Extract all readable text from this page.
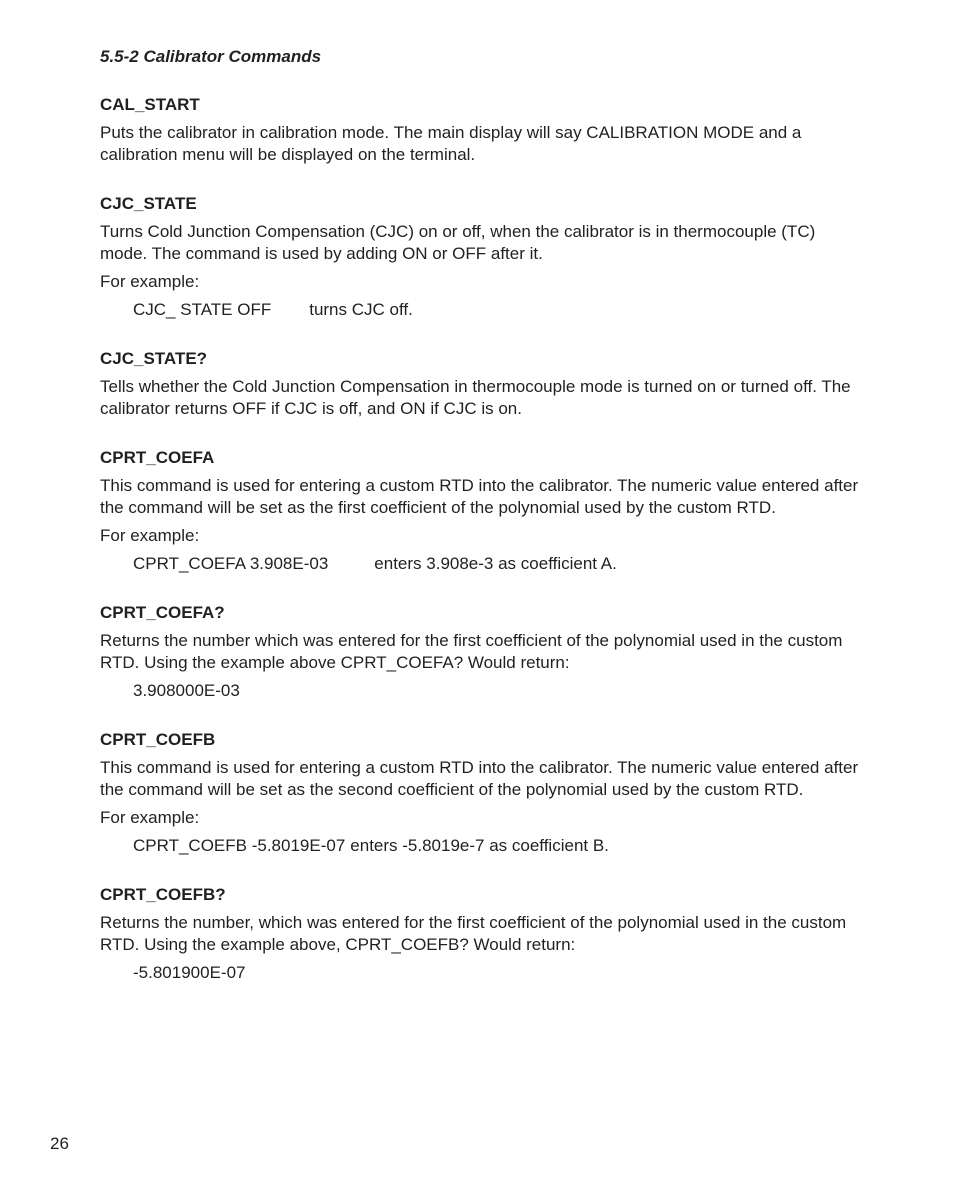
5.5-2 Calibrator Commands
CAL_START

Puts the calibrator in calibration mode. The main display will say CALIBRATION MODE and a calibration menu will be displayed on the terminal.

CJC_STATE

Turns Cold Junction Compensation (CJC) on or off, when the calibrator is in thermocouple (TC) mode. The command is used by adding ON or OFF after it.

For example:
CJC_ STATE OFF turns CJC off.
CJC_STATE?

Tells whether the Cold Junction Compensation in thermocouple mode is turned on or turned off. The calibrator returns OFF if CJC is off, and ON if CJC is on.

CPRT_COEFA

This command is used for entering a custom RTD into the calibrator. The numeric value entered after the command will be set as the first coefficient of the polynomial used by the custom RTD.

For example:
CPRT_COEFA 3.908E-03	enters 3.908e-3 as coefficient A.
CPRT_COEFA?

Returns the number which was entered for the first coefficient of the polynomial used in the custom RTD. Using the example above CPRT_COEFA? Would return:

3.908000E-03
CPRT_COEFB

This command is used for entering a custom RTD into the calibrator. The numeric value entered after the command will be set as the second coefficient of the polynomial used by the custom RTD.

For example:
CPRT_COEFB -5.8019E-07 enters -5.8019e-7 as coefficient B.
CPRT_COEFB?

Returns the number, which was entered for the first coefficient of the polynomial used in the custom RTD. Using the example above, CPRT_COEFB? Would return:

-5.801900E-07
26
